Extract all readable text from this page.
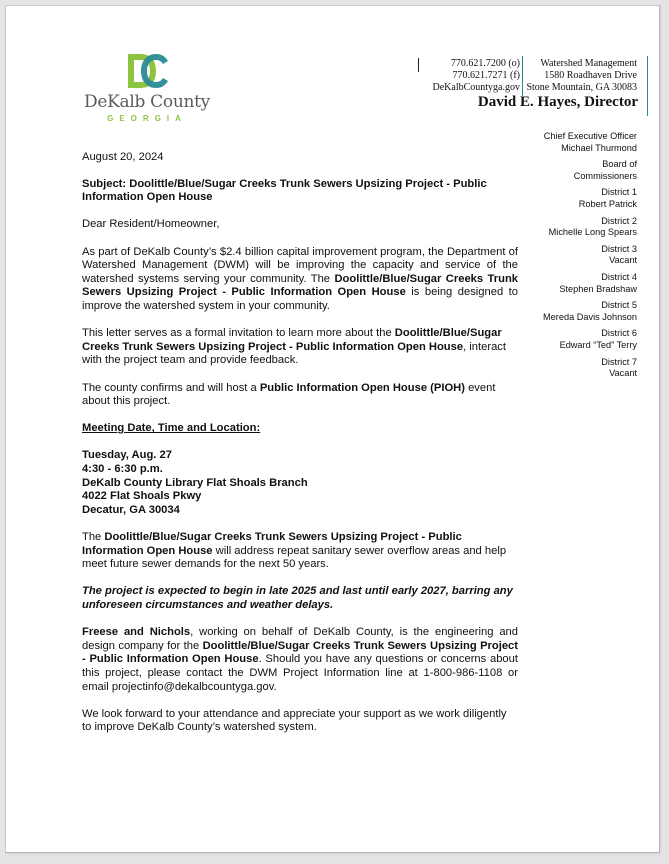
DeKalb County
GEORGIA
770.621.7200 (o)
770.621.7271 (f)
DeKalbCountyga.gov
Watershed Management
1580 Roadhaven Drive
Stone Mountain, GA 30083
David E. Hayes, Director
Chief Executive Officer
Michael Thurmond
Board of
Commissioners
District 1
Robert Patrick
District 2
Michelle Long Spears
District 3
Vacant
District 4
Stephen Bradshaw
District 5
Mereda Davis Johnson
District 6
Edward “Ted” Terry
District 7
Vacant

August 20, 2024

Subject: Doolittle/Blue/Sugar Creeks Trunk Sewers Upsizing Project - Public Information Open House

Dear Resident/Homeowner,

As part of DeKalb County’s $2.4 billion capital improvement program, the Department of Watershed Management (DWM) will be improving the capacity and service of the watershed systems serving your community. The Doolittle/Blue/Sugar Creeks Trunk Sewers Upsizing Project - Public Information Open House is being designed to improve the watershed system in your community.

This letter serves as a formal invitation to learn more about the Doolittle/Blue/Sugar Creeks Trunk Sewers Upsizing Project - Public Information Open House, interact with the project team and provide feedback.

The county confirms and will host a Public Information Open House (PIOH) event about this project.

Meeting Date, Time and Location:

Tuesday, Aug. 27
4:30 - 6:30 p.m.
DeKalb County Library Flat Shoals Branch
4022 Flat Shoals Pkwy
Decatur, GA 30034

The Doolittle/Blue/Sugar Creeks Trunk Sewers Upsizing Project - Public Information Open House will address repeat sanitary sewer overflow areas and help meet future sewer demands for the next 50 years.

The project is expected to begin in late 2025 and last until early 2027, barring any unforeseen circumstances and weather delays.

Freese and Nichols, working on behalf of DeKalb County, is the engineering and design company for the Doolittle/Blue/Sugar Creeks Trunk Sewers Upsizing Project - Public Information Open House. Should you have any questions or concerns about this project, please contact the DWM Project Information line at 1-800-986-1108 or email projectinfo@dekalbcountyga.gov.

We look forward to your attendance and appreciate your support as we work diligently to improve DeKalb County’s watershed system.
